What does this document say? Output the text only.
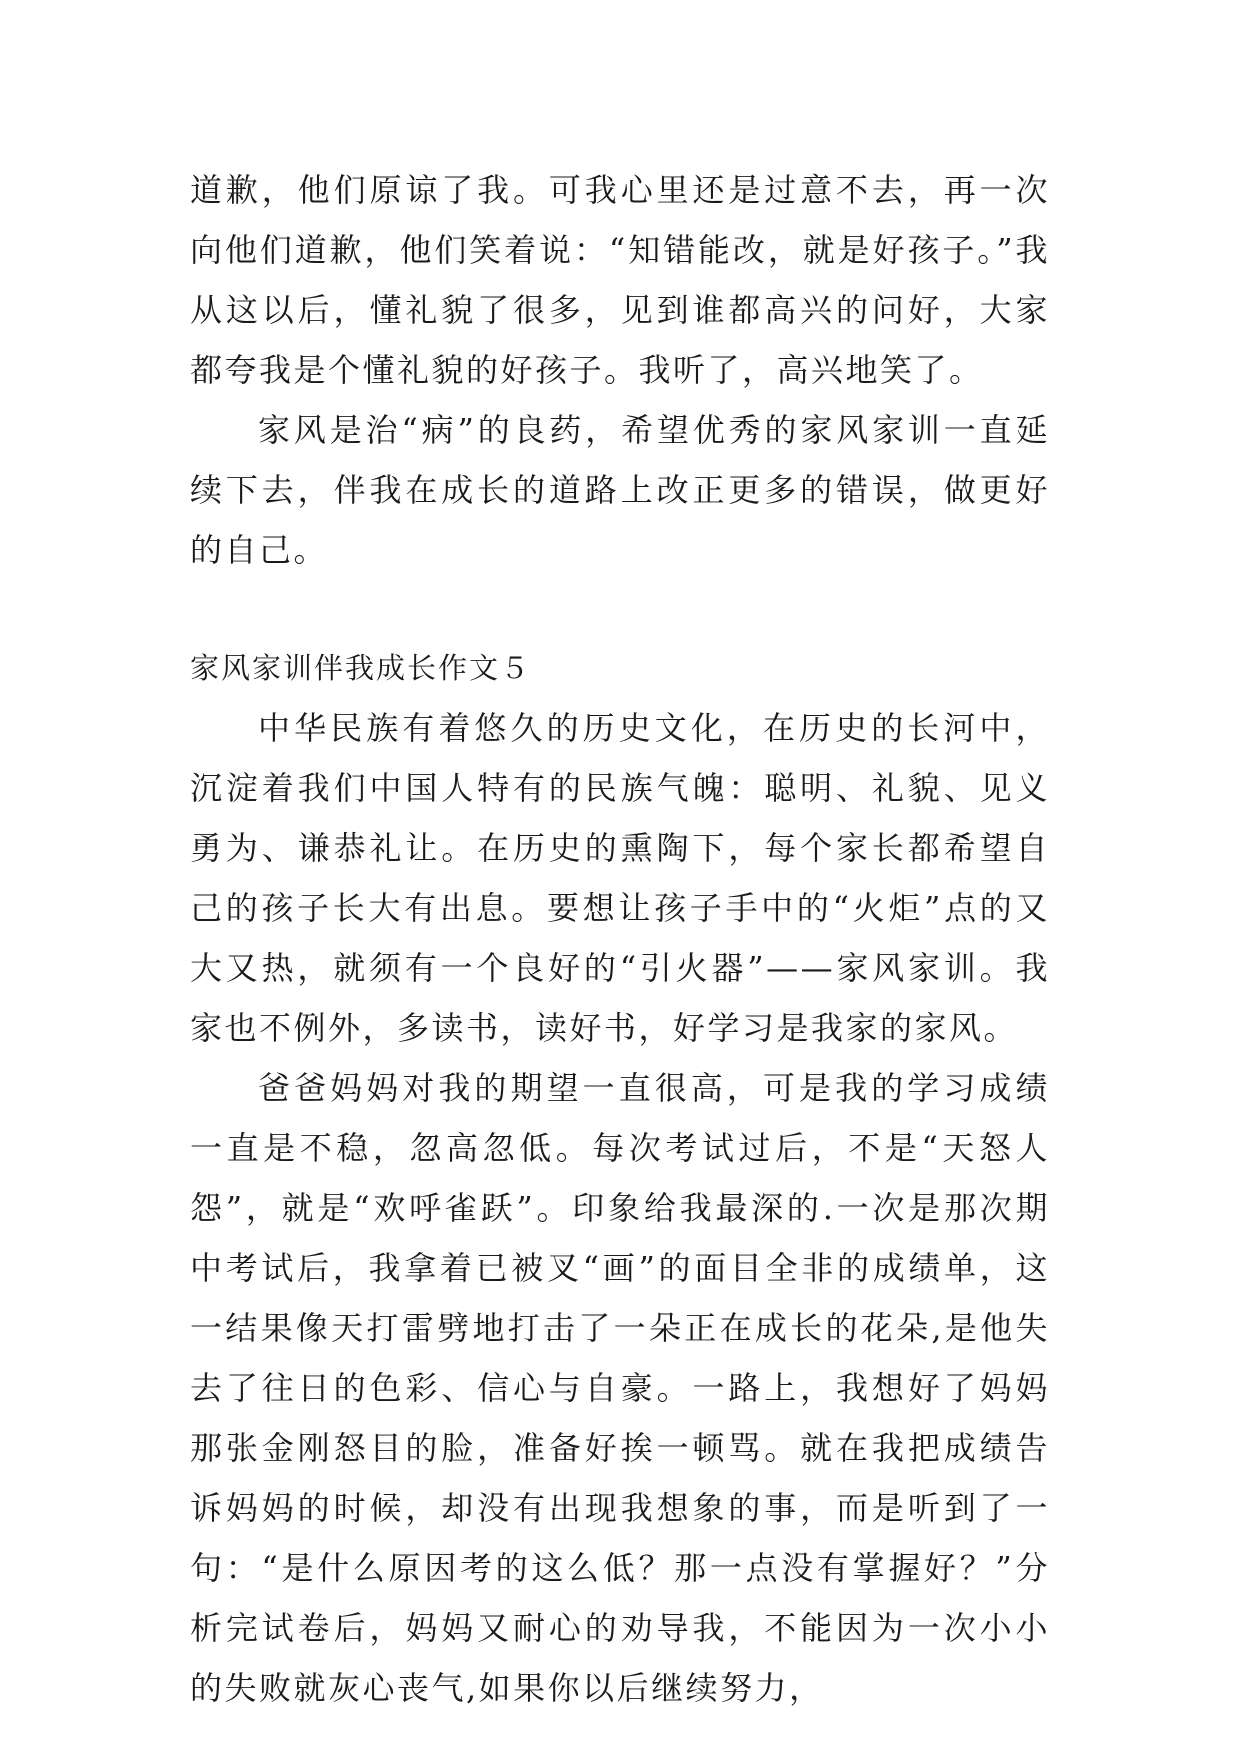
道歉，他们原谅了我。可我心里还是过意不去，再一次向他们道歉，他们笑着说：“知错能改，就是好孩子。”我从这以后，懂礼貌了很多，见到谁都高兴的问好，大家都夸我是个懂礼貌的好孩子。我听了，高兴地笑了。

家风是治“病”的良药，希望优秀的家风家训一直延续下去，伴我在成长的道路上改正更多的错误，做更好的自己。

家风家训伴我成长作文５

中华民族有着悠久的历史文化，在历史的长河中，沉淀着我们中国人特有的民族气魄：聪明、礼貌、见义勇为、谦恭礼让。在历史的熏陶下，每个家长都希望自己的孩子长大有出息。要想让孩子手中的“火炬”点的又大又热，就须有一个良好的“引火器”——家风家训。我家也不例外，多读书，读好书，好学习是我家的家风。

爸爸妈妈对我的期望一直很高，可是我的学习成绩一直是不稳，忽高忽低。每次考试过后，不是“天怒人怨”，就是“欢呼雀跃”。印象给我最深的.一次是那次期中考试后，我拿着已被叉“画”的面目全非的成绩单，这一结果像天打雷劈地打击了一朵正在成长的花朵,是他失去了往日的色彩、信心与自豪。一路上，我想好了妈妈那张金刚怒目的脸，准备好挨一顿骂。就在我把成绩告诉妈妈的时候，却没有出现我想象的事，而是听到了一句：“是什么原因考的这么低？那一点没有掌握好？”分析完试卷后，妈妈又耐心的劝导我，不能因为一次小小的失败就灰心丧气,如果你以后继续努力，
